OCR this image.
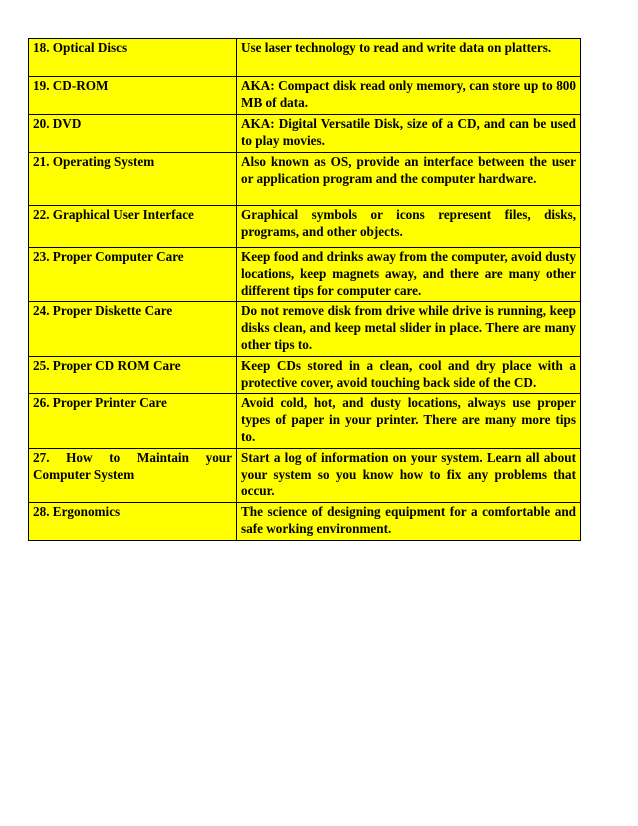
18. Optical Discs	Use laser technology to read and write data on platters.
19. CD-ROM	AKA: Compact disk read only memory, can store up to 800 MB of data.
20. DVD	AKA: Digital Versatile Disk, size of a CD, and can be used to play movies.
21. Operating System	Also known as OS, provide an interface between the user or application program and the computer hardware.
22. Graphical User Interface	Graphical symbols or icons represent files, disks, programs, and other objects.
23. Proper Computer Care	Keep food and drinks away from the computer, avoid dusty locations, keep magnets away, and there are many other different tips for computer care.
24. Proper Diskette Care	Do not remove disk from drive while drive is running, keep disks clean, and keep metal slider in place. There are many other tips to.
25. Proper CD ROM Care	Keep CDs stored in a clean, cool and dry place with a protective cover, avoid touching back side of the CD.
26. Proper Printer Care	Avoid cold, hot, and dusty locations, always use proper types of paper in your printer. There are many more tips to.
27. How to Maintain your Computer System	Start a log of information on your system. Learn all about your system so you know how to fix any problems that occur.
28. Ergonomics	The science of designing equipment for a comfortable and safe working environment.
